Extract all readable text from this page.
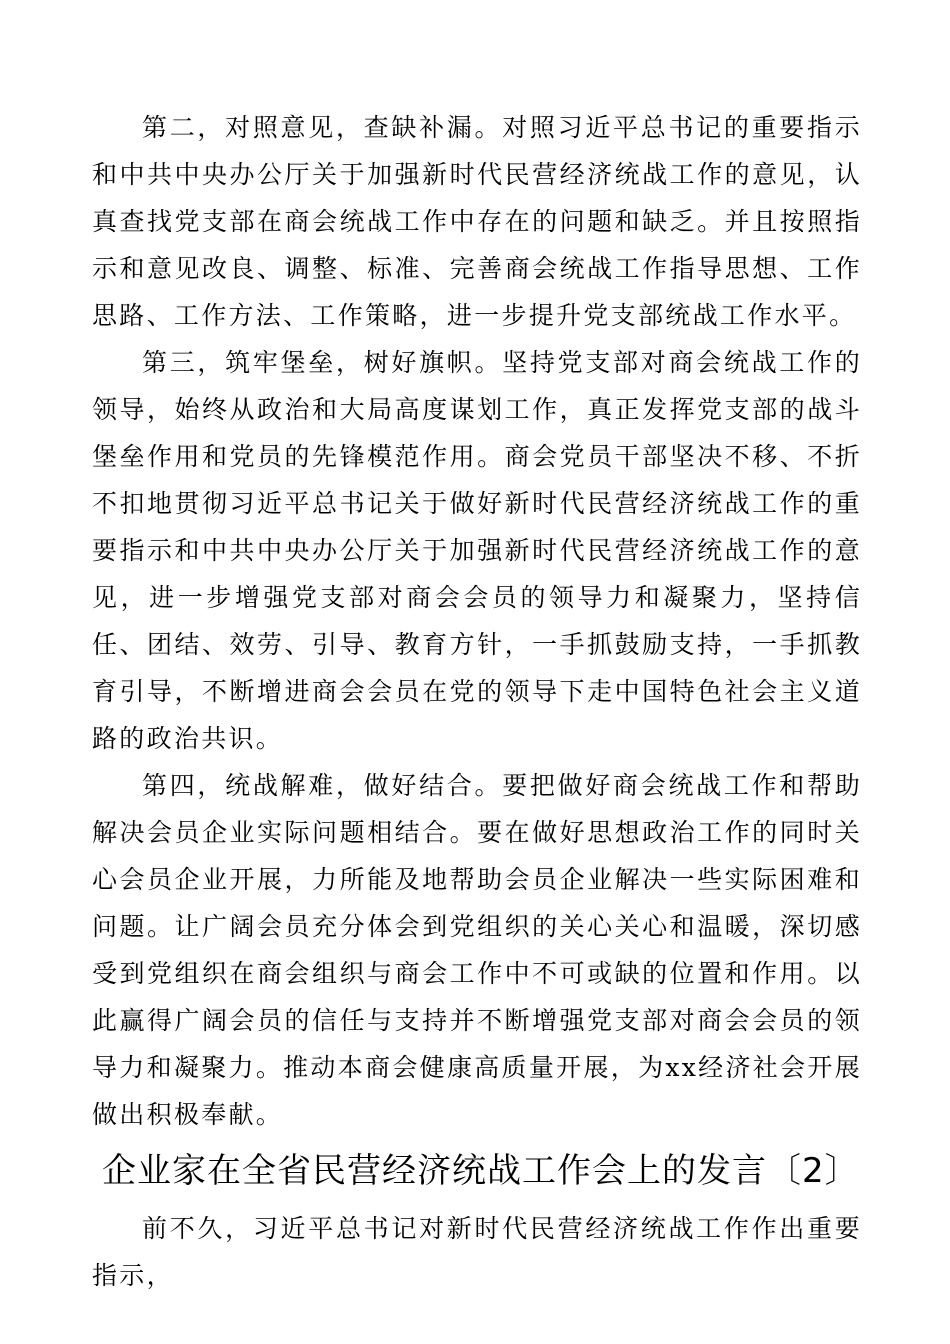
第二，对照意见，查缺补漏。对照习近平总书记的重要指示和中共中央办公厅关于加强新时代民营经济统战工作的意见，认真查找党支部在商会统战工作中存在的问题和缺乏。并且按照指示和意见改良、调整、标准、完善商会统战工作指导思想、工作思路、工作方法、工作策略，进一步提升党支部统战工作水平。

第三，筑牢堡垒，树好旗帜。坚持党支部对商会统战工作的领导，始终从政治和大局高度谋划工作，真正发挥党支部的战斗堡垒作用和党员的先锋模范作用。商会党员干部坚决不移、不折不扣地贯彻习近平总书记关于做好新时代民营经济统战工作的重要指示和中共中央办公厅关于加强新时代民营经济统战工作的意见，进一步增强党支部对商会会员的领导力和凝聚力，坚持信任、团结、效劳、引导、教育方针，一手抓鼓励支持，一手抓教育引导，不断增进商会会员在党的领导下走中国特色社会主义道路的政治共识。

第四，统战解难，做好结合。要把做好商会统战工作和帮助解决会员企业实际问题相结合。要在做好思想政治工作的同时关心会员企业开展，力所能及地帮助会员企业解决一些实际困难和问题。让广阔会员充分体会到党组织的关心关心和温暖，深切感受到党组织在商会组织与商会工作中不可或缺的位置和作用。以此赢得广阔会员的信任与支持并不断增强党支部对商会会员的领导力和凝聚力。推动本商会健康高质量开展，为xx经济社会开展做出积极奉献。

企业家在全省民营经济统战工作会上的发言〔2〕

前不久，习近平总书记对新时代民营经济统战工作作出重要指示，
